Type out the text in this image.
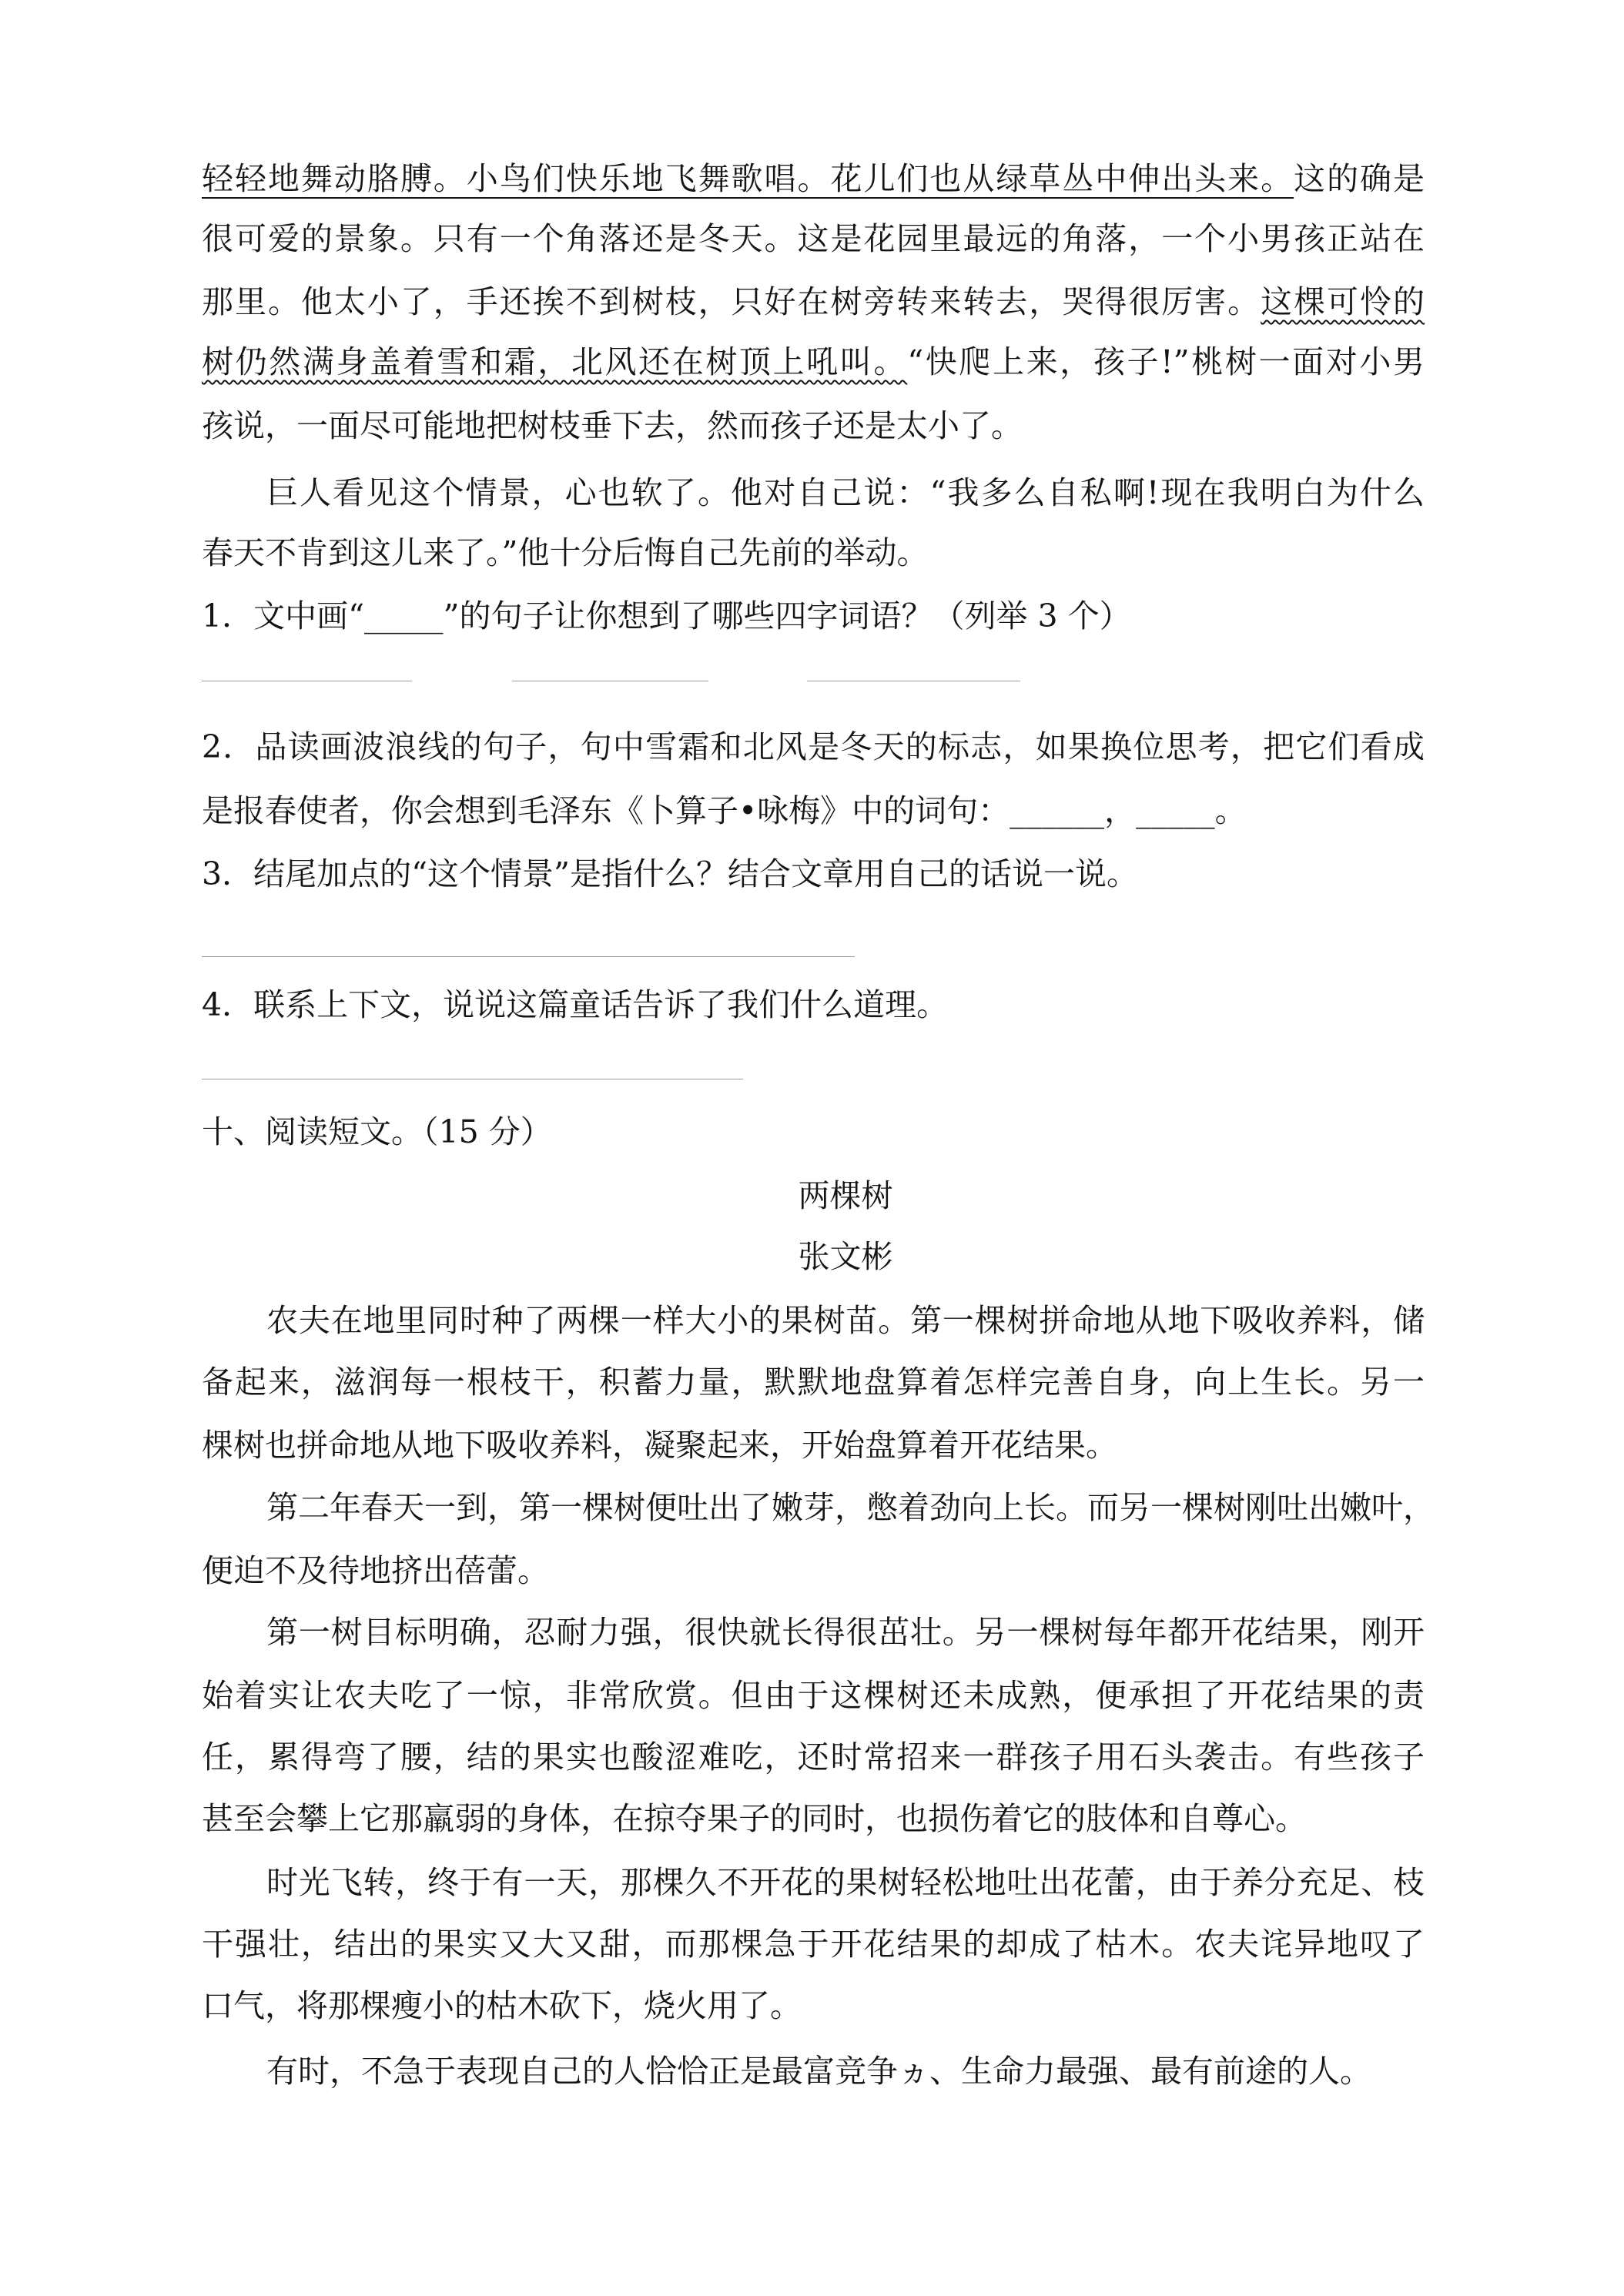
轻轻地舞动胳膊。小鸟们快乐地飞舞歌唱。花儿们也从绿草丛中伸出头来。这的确是
很可爱的景象。只有一个角落还是冬天。这是花园里最远的角落，一个小男孩正站在
那里。他太小了，手还挨不到树枝，只好在树旁转来转去，哭得很厉害。这棵可怜的
树仍然满身盖着雪和霜，北风还在树顶上吼叫。“快爬上来，孩子!”桃树一面对小男
孩说，一面尽可能地把树枝垂下去，然而孩子还是太小了。
巨人看见这个情景，心也软了。他对自己说：“我多么自私啊!现在我明白为什么
春天不肯到这儿来了。”他十分后悔自己先前的举动。
1．文中画“_____”的句子让你想到了哪些四字词语？（列举 3 个）
2．品读画波浪线的句子，句中雪霜和北风是冬天的标志，如果换位思考，把它们看成
是报春使者，你会想到毛泽东《卜算子•咏梅》中的词句：______，_____。
3．结尾加点的“这个情景”是指什么？结合文章用自己的话说一说。
4．联系上下文，说说这篇童话告诉了我们什么道理。
十、阅读短文。（15 分）
两棵树
张文彬
农夫在地里同时种了两棵一样大小的果树苗。第一棵树拼命地从地下吸收养料，储
备起来，滋润每一根枝干，积蓄力量，默默地盘算着怎样完善自身，向上生长。另一
棵树也拼命地从地下吸收养料，凝聚起来，开始盘算着开花结果。
第二年春天一到，第一棵树便吐出了嫩芽，憋着劲向上长。而另一棵树刚吐出嫩叶，
便迫不及待地挤出蓓蕾。
第一树目标明确，忍耐力强，很快就长得很茁壮。另一棵树每年都开花结果，刚开
始着实让农夫吃了一惊，非常欣赏。但由于这棵树还未成熟，便承担了开花结果的责
任，累得弯了腰，结的果实也酸涩难吃，还时常招来一群孩子用石头袭击。有些孩子
甚至会攀上它那羸弱的身体，在掠夺果子的同时，也损伤着它的肢体和自尊心。
时光飞转，终于有一天，那棵久不开花的果树轻松地吐出花蕾，由于养分充足、枝
干强壮，结出的果实又大又甜，而那棵急于开花结果的却成了枯木。农夫诧异地叹了
口气，将那棵瘦小的枯木砍下，烧火用了。
有时，不急于表现自己的人恰恰正是最富竞争ヵ、生命力最强、最有前途的人。
